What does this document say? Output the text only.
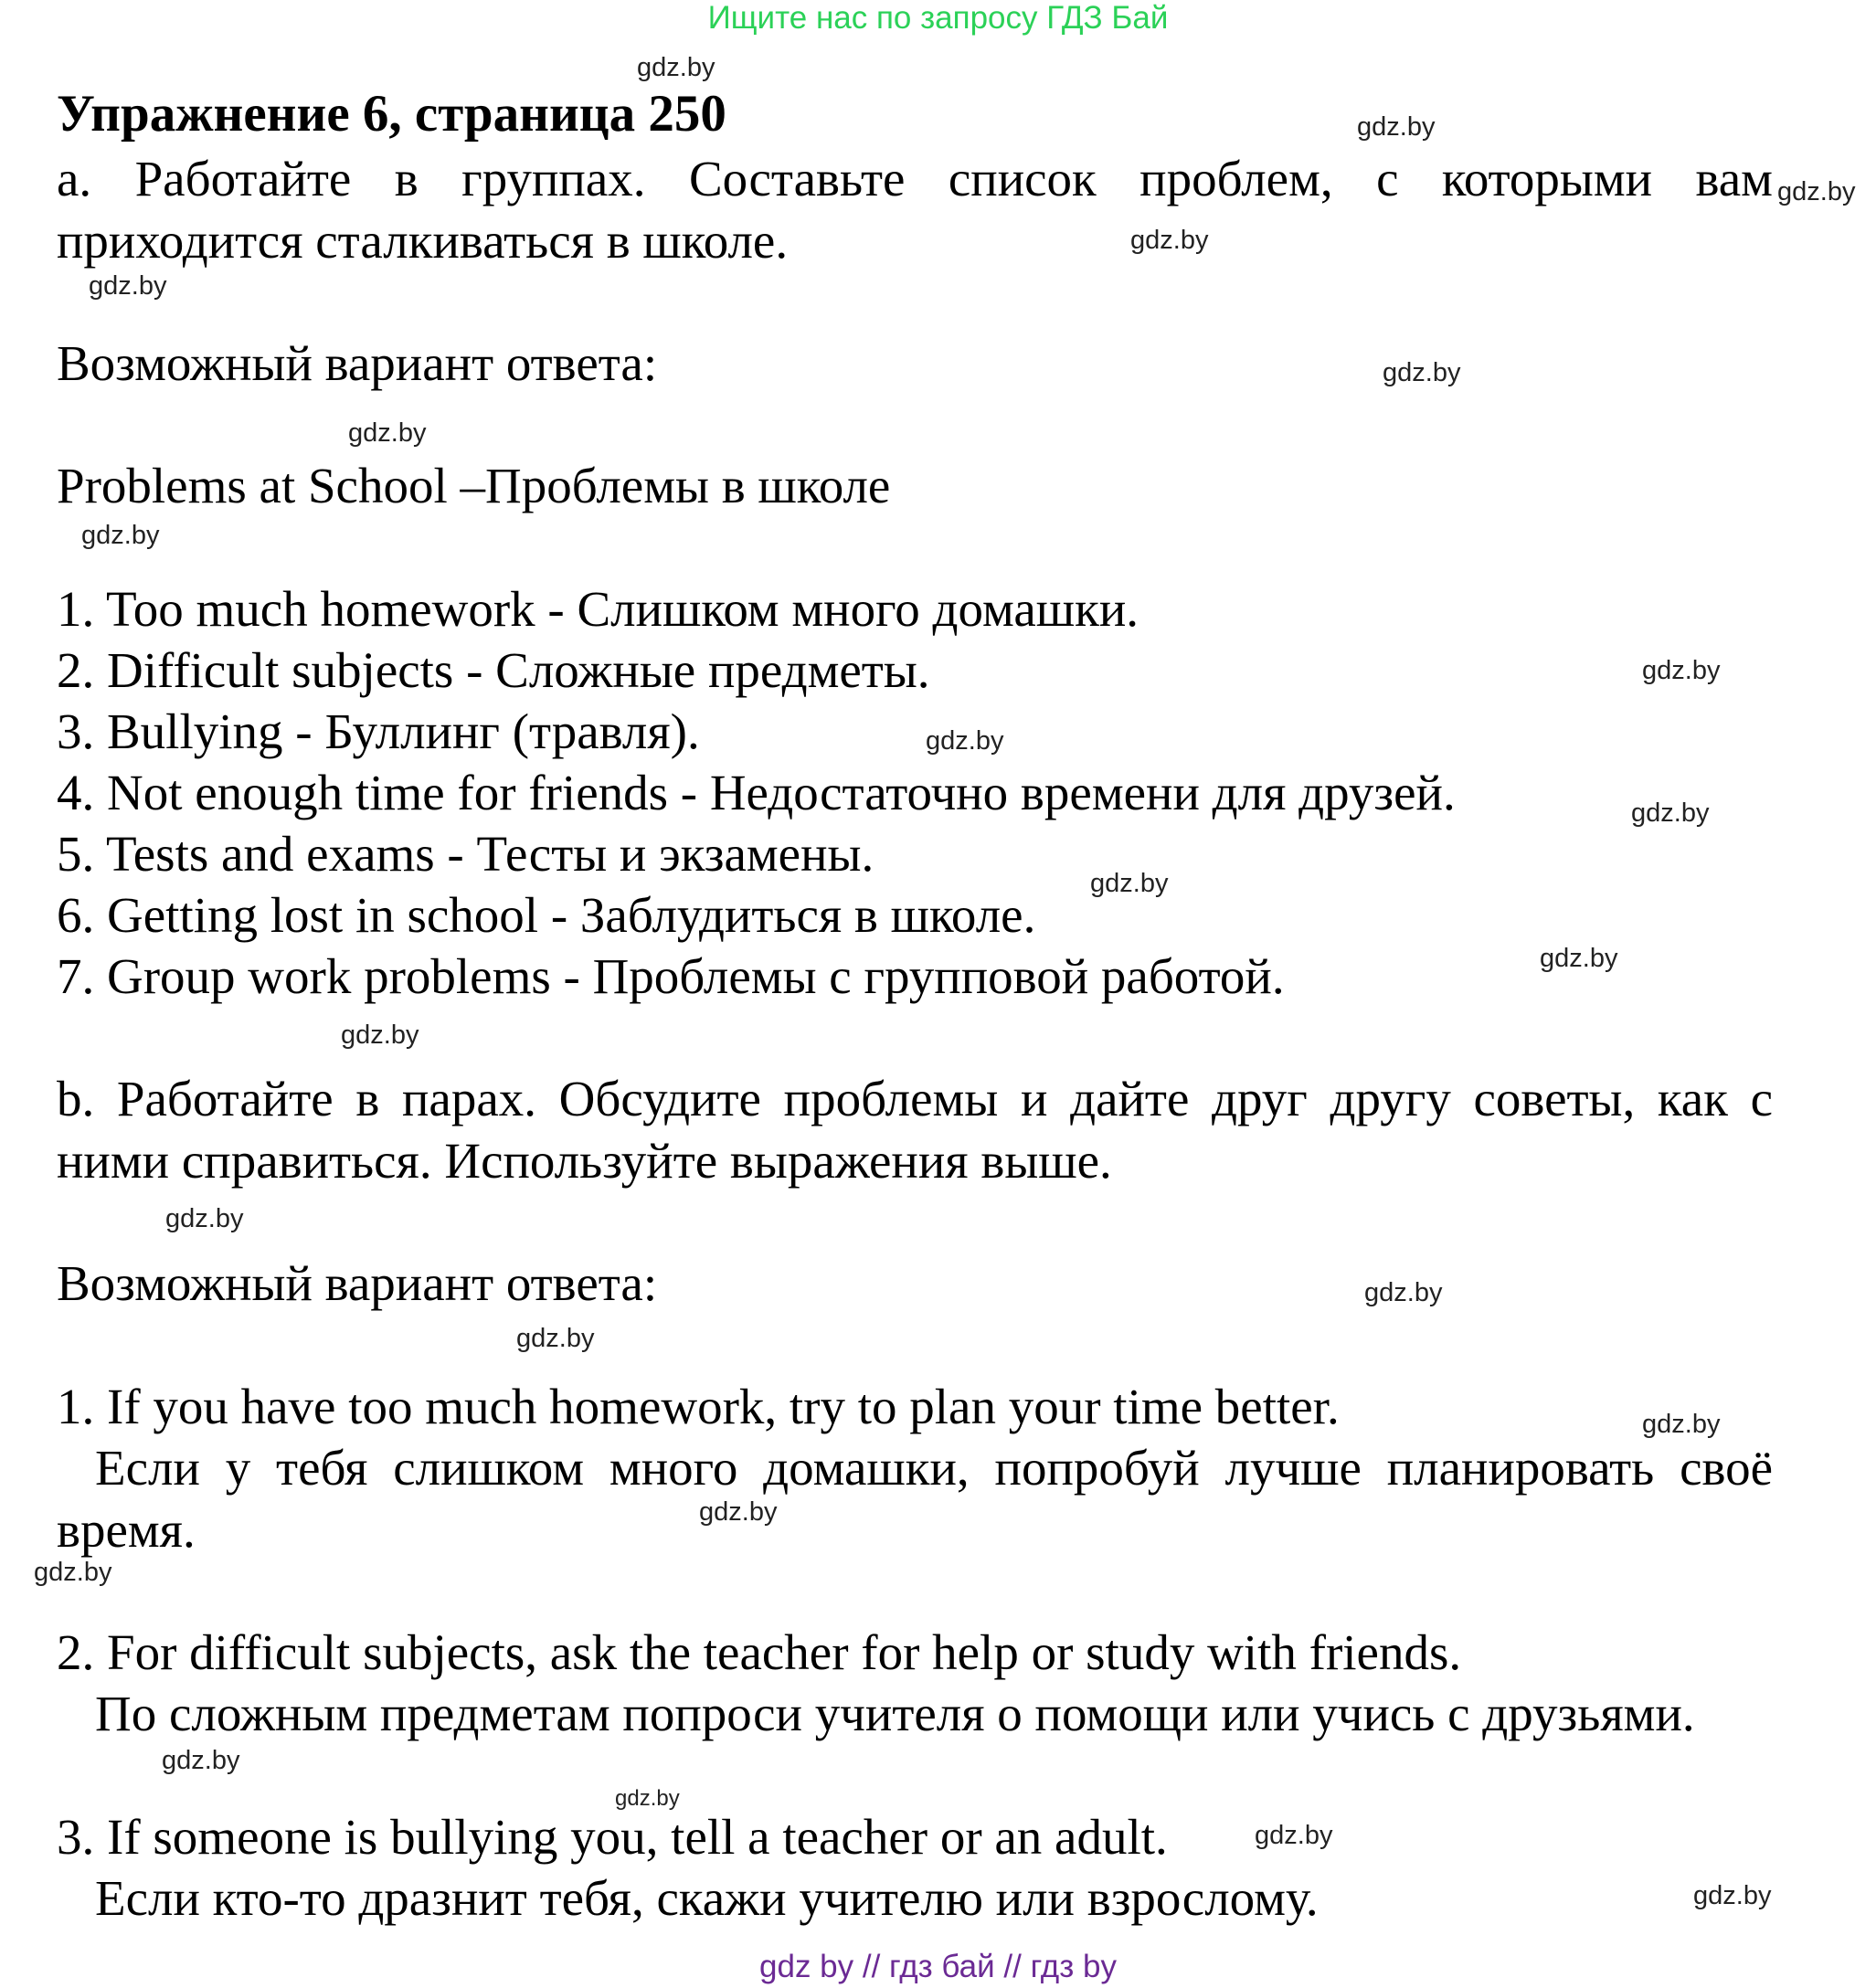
Ищите нас по запросу ГДЗ Бай
Упражнение 6, страница 250
a. Работайте в группах. Составьте список проблем, с которыми вам
приходится сталкиваться в школе.
Возможный вариант ответа:
Problems at School –Проблемы в школе
1. Too much homework - Слишком много домашки.
2. Difficult subjects - Сложные предметы.
3. Bullying - Буллинг (травля).
4. Not enough time for friends - Недостаточно времени для друзей.
5. Tests and exams - Тесты и экзамены.
6. Getting lost in school - Заблудиться в школе.
7. Group work problems - Проблемы с групповой работой.
b. Работайте в парах. Обсудите проблемы и дайте друг другу советы, как с
ними справиться. Используйте выражения выше.
Возможный вариант ответа:
1. If you have too much homework, try to plan your time better.
Если у тебя слишком много домашки, попробуй лучше планировать своё
время.
2. For difficult subjects, ask the teacher for help or study with friends.
По сложным предметам попроси учителя о помощи или учись с друзьями.
3. If someone is bullying you, tell a teacher or an adult.
Если кто-то дразнит тебя, скажи учителю или взрослому.
gdz.by
gdz.by
gdz.by
gdz.by
gdz.by
gdz.by
gdz.by
gdz.by
gdz.by
gdz.by
gdz.by
gdz.by
gdz.by
gdz.by
gdz.by
gdz.by
gdz.by
gdz.by
gdz.by
gdz.by
gdz.by
gdz.by
gdz.by
gdz.by
gdz by // гдз бай // гдз by
